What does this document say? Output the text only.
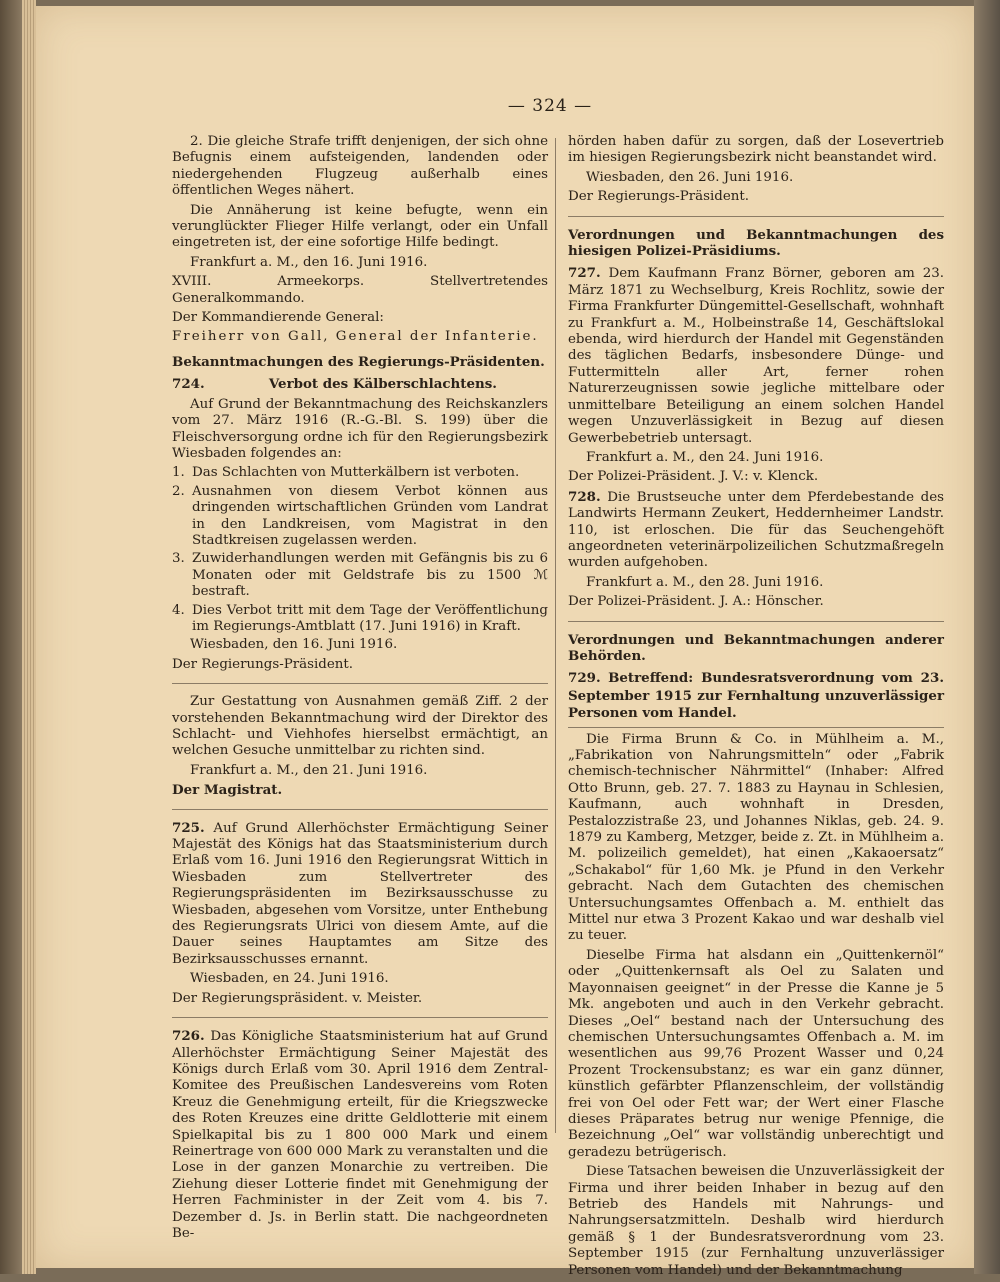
— 324 —

2. Die gleiche Strafe trifft denjenigen, der sich ohne Befugnis einem aufsteigenden, landenden oder niedergehenden Flugzeug außerhalb eines öffentlichen Weges nähert.

Die Annäherung ist keine befugte, wenn ein verunglückter Flieger Hilfe verlangt, oder ein Unfall eingetreten ist, der eine sofortige Hilfe bedingt.

Frankfurt a. M., den 16. Juni 1916.

XVIII. Armeekorps. Stellvertretendes Generalkommando.

Der Kommandierende General:

Freiherr von Gall, General der Infanterie.

Bekanntmachungen des Regierungs-Präsidenten.

724.	Verbot des Kälberschlachtens.

Auf Grund der Bekanntmachung des Reichskanzlers vom 27. März 1916 (R.-G.-Bl. S. 199) über die Fleischversorgung ordne ich für den Regierungsbezirk Wiesbaden folgendes an:

1. Das Schlachten von Mutterkälbern ist verboten.
2. Ausnahmen von diesem Verbot können aus dringenden wirtschaftlichen Gründen vom Landrat in den Landkreisen, vom Magistrat in den Stadtkreisen zugelassen werden.
3. Zuwiderhandlungen werden mit Gefängnis bis zu 6 Monaten oder mit Geldstrafe bis zu 1500 ℳ bestraft.
4. Dies Verbot tritt mit dem Tage der Veröffentlichung im Regierungs-Amtblatt (17. Juni 1916) in Kraft.

Wiesbaden, den 16. Juni 1916.

Der Regierungs-Präsident.

Zur Gestattung von Ausnahmen gemäß Ziff. 2 der vorstehenden Bekanntmachung wird der Direktor des Schlacht- und Viehhofes hierselbst ermächtigt, an welchen Gesuche unmittelbar zu richten sind.

Frankfurt a. M., den 21. Juni 1916.

Der Magistrat.

725. Auf Grund Allerhöchster Ermächtigung Seiner Majestät des Königs hat das Staatsministerium durch Erlaß vom 16. Juni 1916 den Regierungsrat Wittich in Wiesbaden zum Stellvertreter des Regierungspräsidenten im Bezirksausschusse zu Wiesbaden, abgesehen vom Vorsitze, unter Enthebung des Regierungsrats Ulrici von diesem Amte, auf die Dauer seines Hauptamtes am Sitze des Bezirksausschusses ernannt.

Wiesbaden, en 24. Juni 1916.

Der Regierungspräsident. v. Meister.

726. Das Königliche Staatsministerium hat auf Grund Allerhöchster Ermächtigung Seiner Majestät des Königs durch Erlaß vom 30. April 1916 dem Zentral-Komitee des Preußischen Landesvereins vom Roten Kreuz die Genehmigung erteilt, für die Kriegszwecke des Roten Kreuzes eine dritte Geldlotterie mit einem Spielkapital bis zu 1 800 000 Mark und einem Reinertrage von 600 000 Mark zu veranstalten und die Lose in der ganzen Monarchie zu vertreiben. Die Ziehung dieser Lotterie findet mit Genehmigung der Herren Fachminister in der Zeit vom 4. bis 7. Dezember d. Js. in Berlin statt. Die nachgeordneten Be-

hörden haben dafür zu sorgen, daß der Losevertrieb im hiesigen Regierungsbezirk nicht beanstandet wird.

Wiesbaden, den 26. Juni 1916.

Der Regierungs-Präsident.

Verordnungen und Bekanntmachungen des hiesigen Polizei-Präsidiums.

727. Dem Kaufmann Franz Börner, geboren am 23. März 1871 zu Wechselburg, Kreis Rochlitz, sowie der Firma Frankfurter Düngemittel-Gesellschaft, wohnhaft zu Frankfurt a. M., Holbeinstraße 14, Geschäftslokal ebenda, wird hierdurch der Handel mit Gegenständen des täglichen Bedarfs, insbesondere Dünge- und Futtermitteln aller Art, ferner rohen Naturerzeugnissen sowie jegliche mittelbare oder unmittelbare Beteiligung an einem solchen Handel wegen Unzuverlässigkeit in Bezug auf diesen Gewerbebetrieb untersagt.

Frankfurt a. M., den 24. Juni 1916.

Der Polizei-Präsident. J. V.: v. Klenck.

728. Die Brustseuche unter dem Pferdebestande des Landwirts Hermann Zeukert, Heddernheimer Landstr. 110, ist erloschen. Die für das Seuchengehöft angeordneten veterinärpolizeilichen Schutzmaßregeln wurden aufgehoben.

Frankfurt a. M., den 28. Juni 1916.

Der Polizei-Präsident. J. A.: Hönscher.

Verordnungen und Bekanntmachungen anderer Behörden.

729. Betreffend: Bundesratsverordnung vom 23. September 1915 zur Fernhaltung unzuverlässiger Personen vom Handel.

Die Firma Brunn & Co. in Mühlheim a. M., „Fabrikation von Nahrungsmitteln“ oder „Fabrik chemisch-technischer Nährmittel“ (Inhaber: Alfred Otto Brunn, geb. 27. 7. 1883 zu Haynau in Schlesien, Kaufmann, auch wohnhaft in Dresden, Pestalozzistraße 23, und Johannes Niklas, geb. 24. 9. 1879 zu Kamberg, Metzger, beide z. Zt. in Mühlheim a. M. polizeilich gemeldet), hat einen „Kakaoersatz“ „Schakabol“ für 1,60 Mk. je Pfund in den Verkehr gebracht. Nach dem Gutachten des chemischen Untersuchungsamtes Offenbach a. M. enthielt das Mittel nur etwa 3 Prozent Kakao und war deshalb viel zu teuer.

Dieselbe Firma hat alsdann ein „Quittenkernöl“ oder „Quittenkernsaft als Oel zu Salaten und Mayonnaisen geeignet“ in der Presse die Kanne je 5 Mk. angeboten und auch in den Verkehr gebracht. Dieses „Oel“ bestand nach der Untersuchung des chemischen Untersuchungsamtes Offenbach a. M. im wesentlichen aus 99,76 Prozent Wasser und 0,24 Prozent Trockensubstanz; es war ein ganz dünner, künstlich gefärbter Pflanzenschleim, der vollständig frei von Oel oder Fett war; der Wert einer Flasche dieses Präparates betrug nur wenige Pfennige, die Bezeichnung „Oel“ war vollständig unberechtigt und geradezu betrügerisch.

Diese Tatsachen beweisen die Unzuverlässigkeit der Firma und ihrer beiden Inhaber in bezug auf den Betrieb des Handels mit Nahrungs- und Nahrungsersatzmitteln. Deshalb wird hierdurch gemäß § 1 der Bundesratsverordnung vom 23. September 1915 (zur Fernhaltung unzuverlässiger Personen vom Handel) und der Bekanntmachung
